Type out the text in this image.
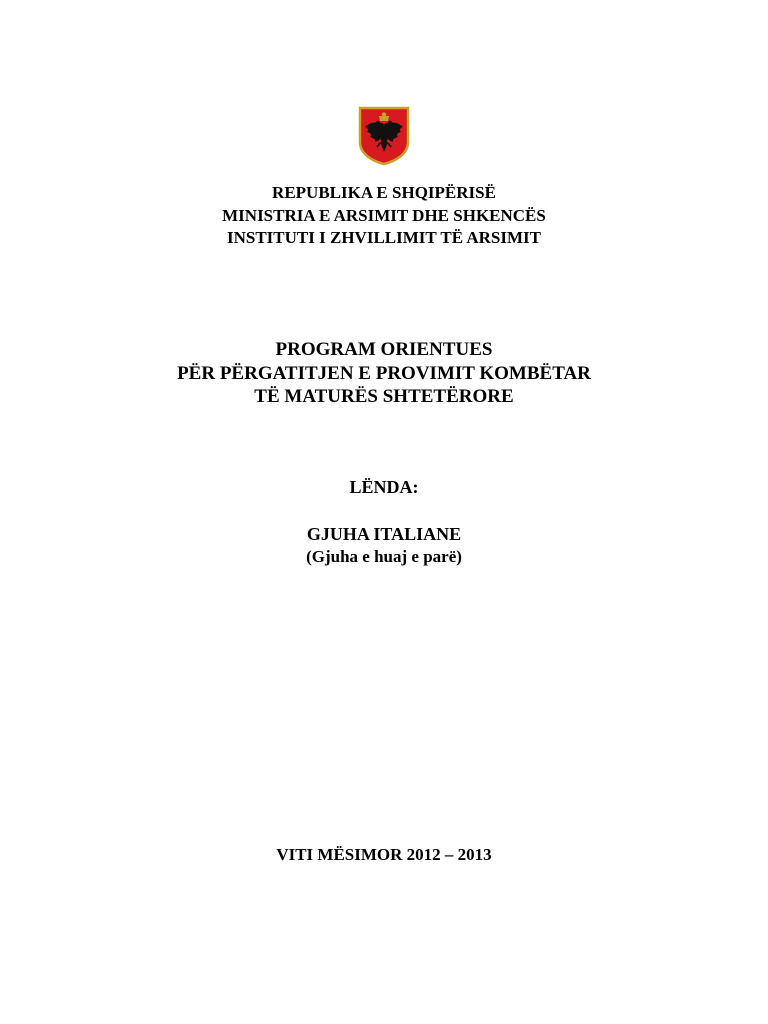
REPUBLIKA E SHQIPËRISË
MINISTRIA E ARSIMIT DHE SHKENCËS
INSTITUTI I ZHVILLIMIT TË ARSIMIT
PROGRAM ORIENTUES
PËR PËRGATITJEN E PROVIMIT KOMBËTAR
TË MATURËS SHTETËRORE
LËNDA:
GJUHA ITALIANE
(Gjuha e huaj e parë)
VITI MËSIMOR 2012 – 2013
